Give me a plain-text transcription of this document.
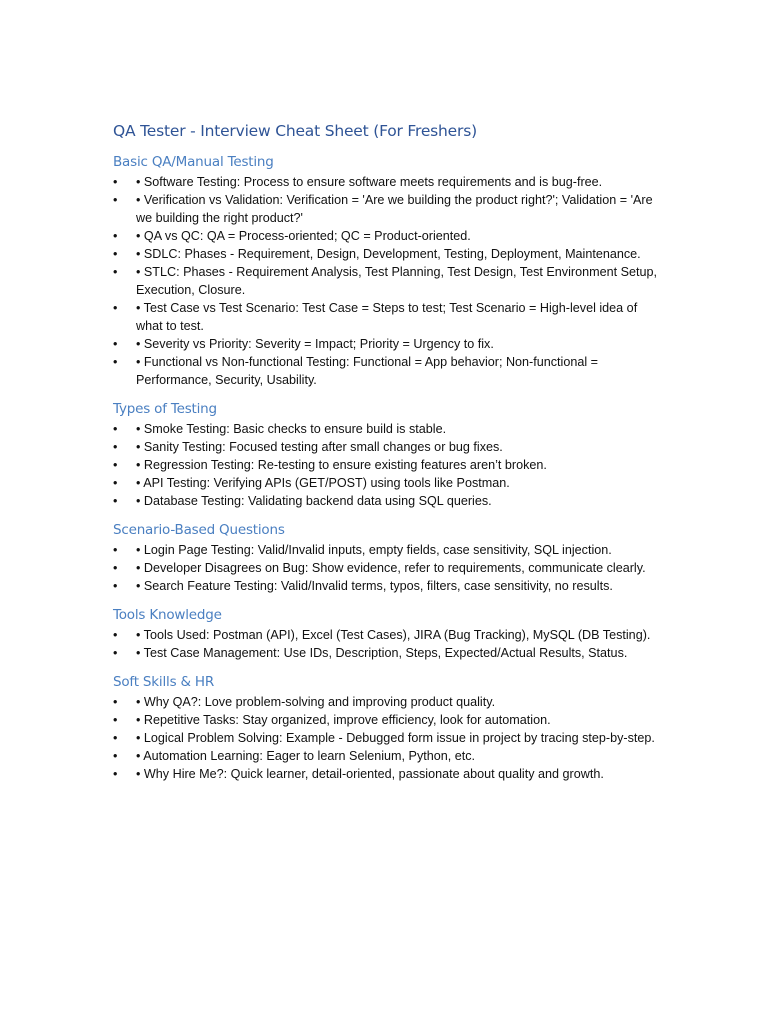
QA Tester - Interview Cheat Sheet (For Freshers)
Basic QA/Manual Testing
• • Software Testing: Process to ensure software meets requirements and is bug-free.
• • Verification vs Validation: Verification = 'Are we building the product right?'; Validation = 'Are we building the right product?'
• • QA vs QC: QA = Process-oriented; QC = Product-oriented.
• • SDLC: Phases - Requirement, Design, Development, Testing, Deployment, Maintenance.
• • STLC: Phases - Requirement Analysis, Test Planning, Test Design, Test Environment Setup, Execution, Closure.
• • Test Case vs Test Scenario: Test Case = Steps to test; Test Scenario = High-level idea of what to test.
• • Severity vs Priority: Severity = Impact; Priority = Urgency to fix.
• • Functional vs Non-functional Testing: Functional = App behavior; Non-functional = Performance, Security, Usability.
Types of Testing
• • Smoke Testing: Basic checks to ensure build is stable.
• • Sanity Testing: Focused testing after small changes or bug fixes.
• • Regression Testing: Re-testing to ensure existing features aren’t broken.
• • API Testing: Verifying APIs (GET/POST) using tools like Postman.
• • Database Testing: Validating backend data using SQL queries.
Scenario-Based Questions
• • Login Page Testing: Valid/Invalid inputs, empty fields, case sensitivity, SQL injection.
• • Developer Disagrees on Bug: Show evidence, refer to requirements, communicate clearly.
• • Search Feature Testing: Valid/Invalid terms, typos, filters, case sensitivity, no results.
Tools Knowledge
• • Tools Used: Postman (API), Excel (Test Cases), JIRA (Bug Tracking), MySQL (DB Testing).
• • Test Case Management: Use IDs, Description, Steps, Expected/Actual Results, Status.
Soft Skills & HR
• • Why QA?: Love problem-solving and improving product quality.
• • Repetitive Tasks: Stay organized, improve efficiency, look for automation.
• • Logical Problem Solving: Example - Debugged form issue in project by tracing step-by-step.
• • Automation Learning: Eager to learn Selenium, Python, etc.
• • Why Hire Me?: Quick learner, detail-oriented, passionate about quality and growth.
